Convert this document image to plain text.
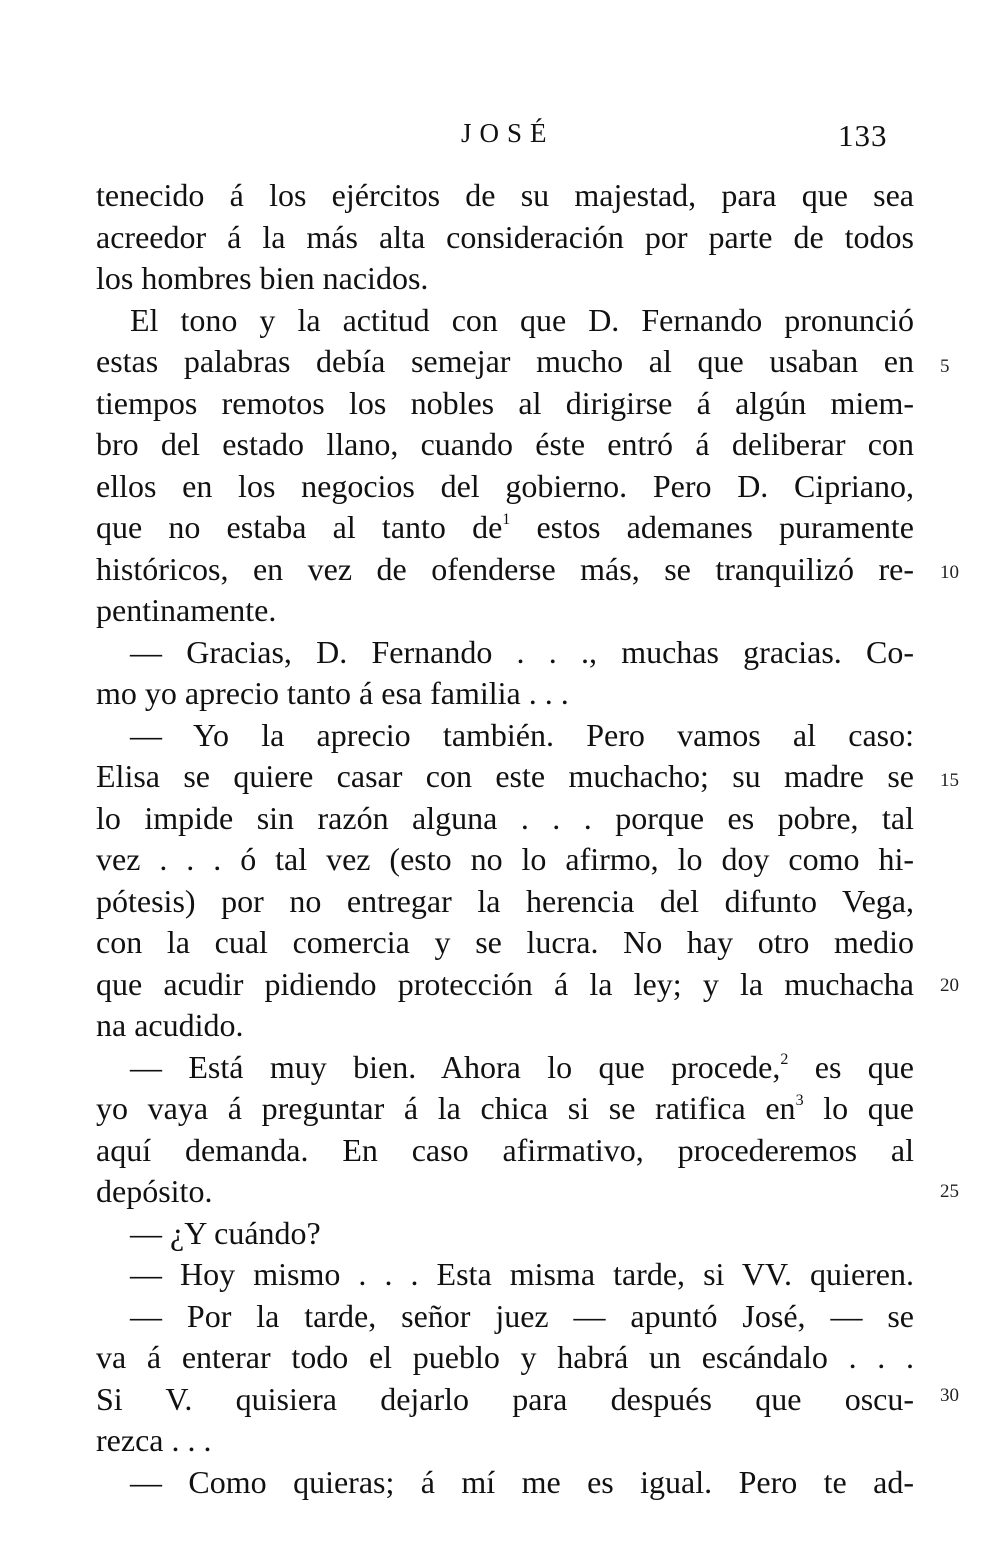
JOSÉ	133
tenecido á los ejércitos de su majestad, para que sea
acreedor á la más alta consideración por parte de todos
los hombres bien nacidos.
El tono y la actitud con que D. Fernando pronunció
estas palabras debía semejar mucho al que usaban en
tiempos remotos los nobles al dirigirse á algún miem-
bro del estado llano, cuando éste entró á deliberar con
ellos en los negocios del gobierno. Pero D. Cipriano,
que no estaba al tanto $de^1$ estos ademanes puramente
históricos, en vez de ofenderse más, se tranquilizó re-
pentinamente.
— Gracias, D. Fernando . . ., muchas gracias. Co-
mo yo aprecio tanto á esa familia . . .
— Yo la aprecio también. Pero vamos al caso:
Elisa se quiere casar con este muchacho; su madre se
lo impide sin razón alguna . . . porque es pobre, tal
vez . . . ó tal vez (esto no lo afirmo, lo doy como hi-
pótesis) por no entregar la herencia del difunto Vega,
con la cual comercia y se lucra. No hay otro medio
que acudir pidiendo protección á la ley; y la muchacha
na acudido.
— Está muy bien. Ahora lo que procede,$^2$ es que
yo vaya á preguntar á la chica si se ratifica $en^3$ lo que
aquí demanda. En caso afirmativo, procederemos al
depósito.
— ¿Y cuándo?
— Hoy mismo . . . Esta misma tarde, si VV. quieren.
— Por la tarde, señor juez — apuntó José, — se
va á enterar todo el pueblo y habrá un escándalo . . .
Si V. quisiera dejarlo para después que oscu-
rezca . . .
— Como quieras; á mí me es igual. Pero te ad-
5
10
15
20
25
30
